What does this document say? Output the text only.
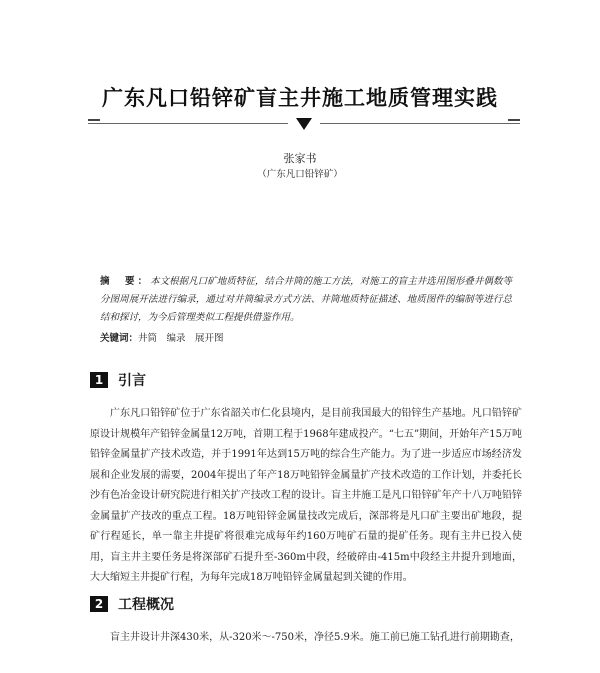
广东凡口铅锌矿盲主井施工地质管理实践
张家书
（广东凡口铅锌矿）
摘　要：本文根据凡口矿地质特征，结合井筒的施工方法，对施工的盲主井选用图形叠井偶数等分图周展开法进行编录，通过对井筒编录方式方法、井筒地质特征描述、地质图件的编制等进行总结和探讨，为今后管理类似工程提供借鉴作用。
关键词：井筒　编录　展开图
1	引言
广东凡口铅锌矿位于广东省韶关市仁化县境内，是目前我国最大的铅锌生产基地。凡口铅锌矿原设计规模年产铅锌金属量12万吨，首期工程于1968年建成投产。“七五”期间，开始年产15万吨铅锌金属量扩产技术改造，并于1991年达到15万吨的综合生产能力。为了进一步适应市场经济发展和企业发展的需要，2004年提出了年产18万吨铅锌金属量扩产技术改造的工作计划，并委托长沙有色冶金设计研究院进行相关扩产技改工程的设计。盲主井施工是凡口铅锌矿年产十八万吨铅锌金属量扩产技改的重点工程。18万吨铅锌金属量技改完成后，深部将是凡口矿主要出矿地段，提矿行程延长，单一靠主井提矿将很难完成每年约160万吨矿石量的提矿任务。现有主井已投入使用，盲主井主要任务是将深部矿石提升至-360m中段，经破碎由-415m中段经主井提升到地面，大大缩短主井提矿行程，为每年完成18万吨铅锌金属量起到关键的作用。
2	工程概况
盲主井设计井深430米，从-320米～-750米，净径5.9米。施工前已施工钻孔进行前期勘查，
